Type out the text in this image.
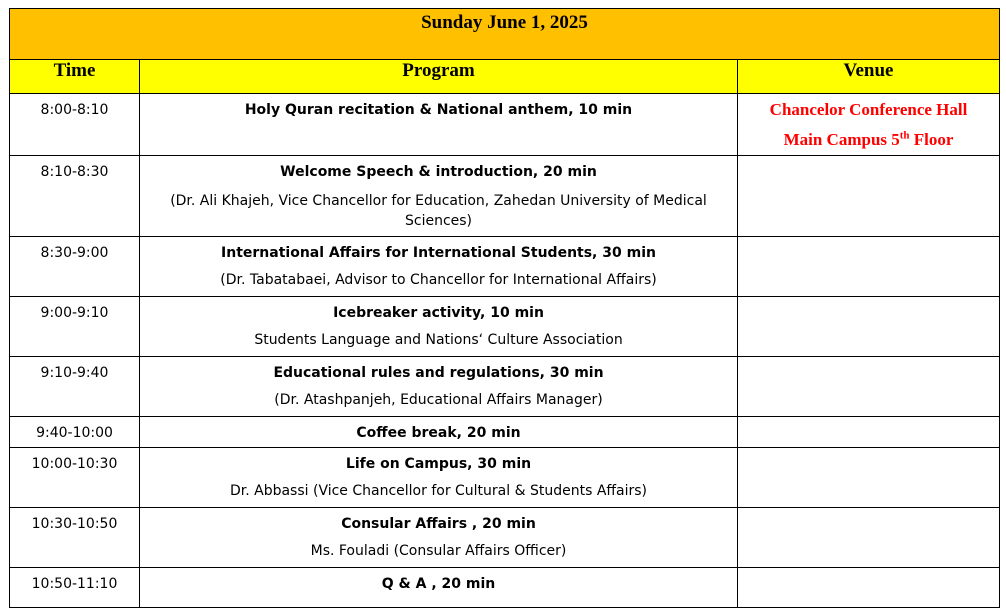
Sunday June 1, 2025		
Time	Program	Venue
8:00-8:10	Holy Quran recitation & National anthem, 10 min	Chancelor Conference Hall
Main Campus 5th Floor

8:10-8:30	Welcome Speech & introduction, 20 min
(Dr. Ali Khajeh, Vice Chancellor for Education, Zahedan University of Medical Sciences)	

8:30-9:00	International Affairs for International Students, 30 min
(Dr. Tabatabaei, Advisor to Chancellor for International Affairs)	

9:00-9:10	Icebreaker activity, 10 min
Students Language and Nations‘ Culture Association	

9:10-9:40	Educational rules and regulations, 30 min
(Dr. Atashpanjeh, Educational Affairs Manager)	

9:40-10:00	Coffee break, 20 min	

10:00-10:30	Life on Campus, 30 min
Dr. Abbassi (Vice Chancellor for Cultural & Students Affairs)	

10:30-10:50	Consular Affairs , 20 min
Ms. Fouladi (Consular Affairs Officer)	

10:50-11:10	Q & A , 20 min	
